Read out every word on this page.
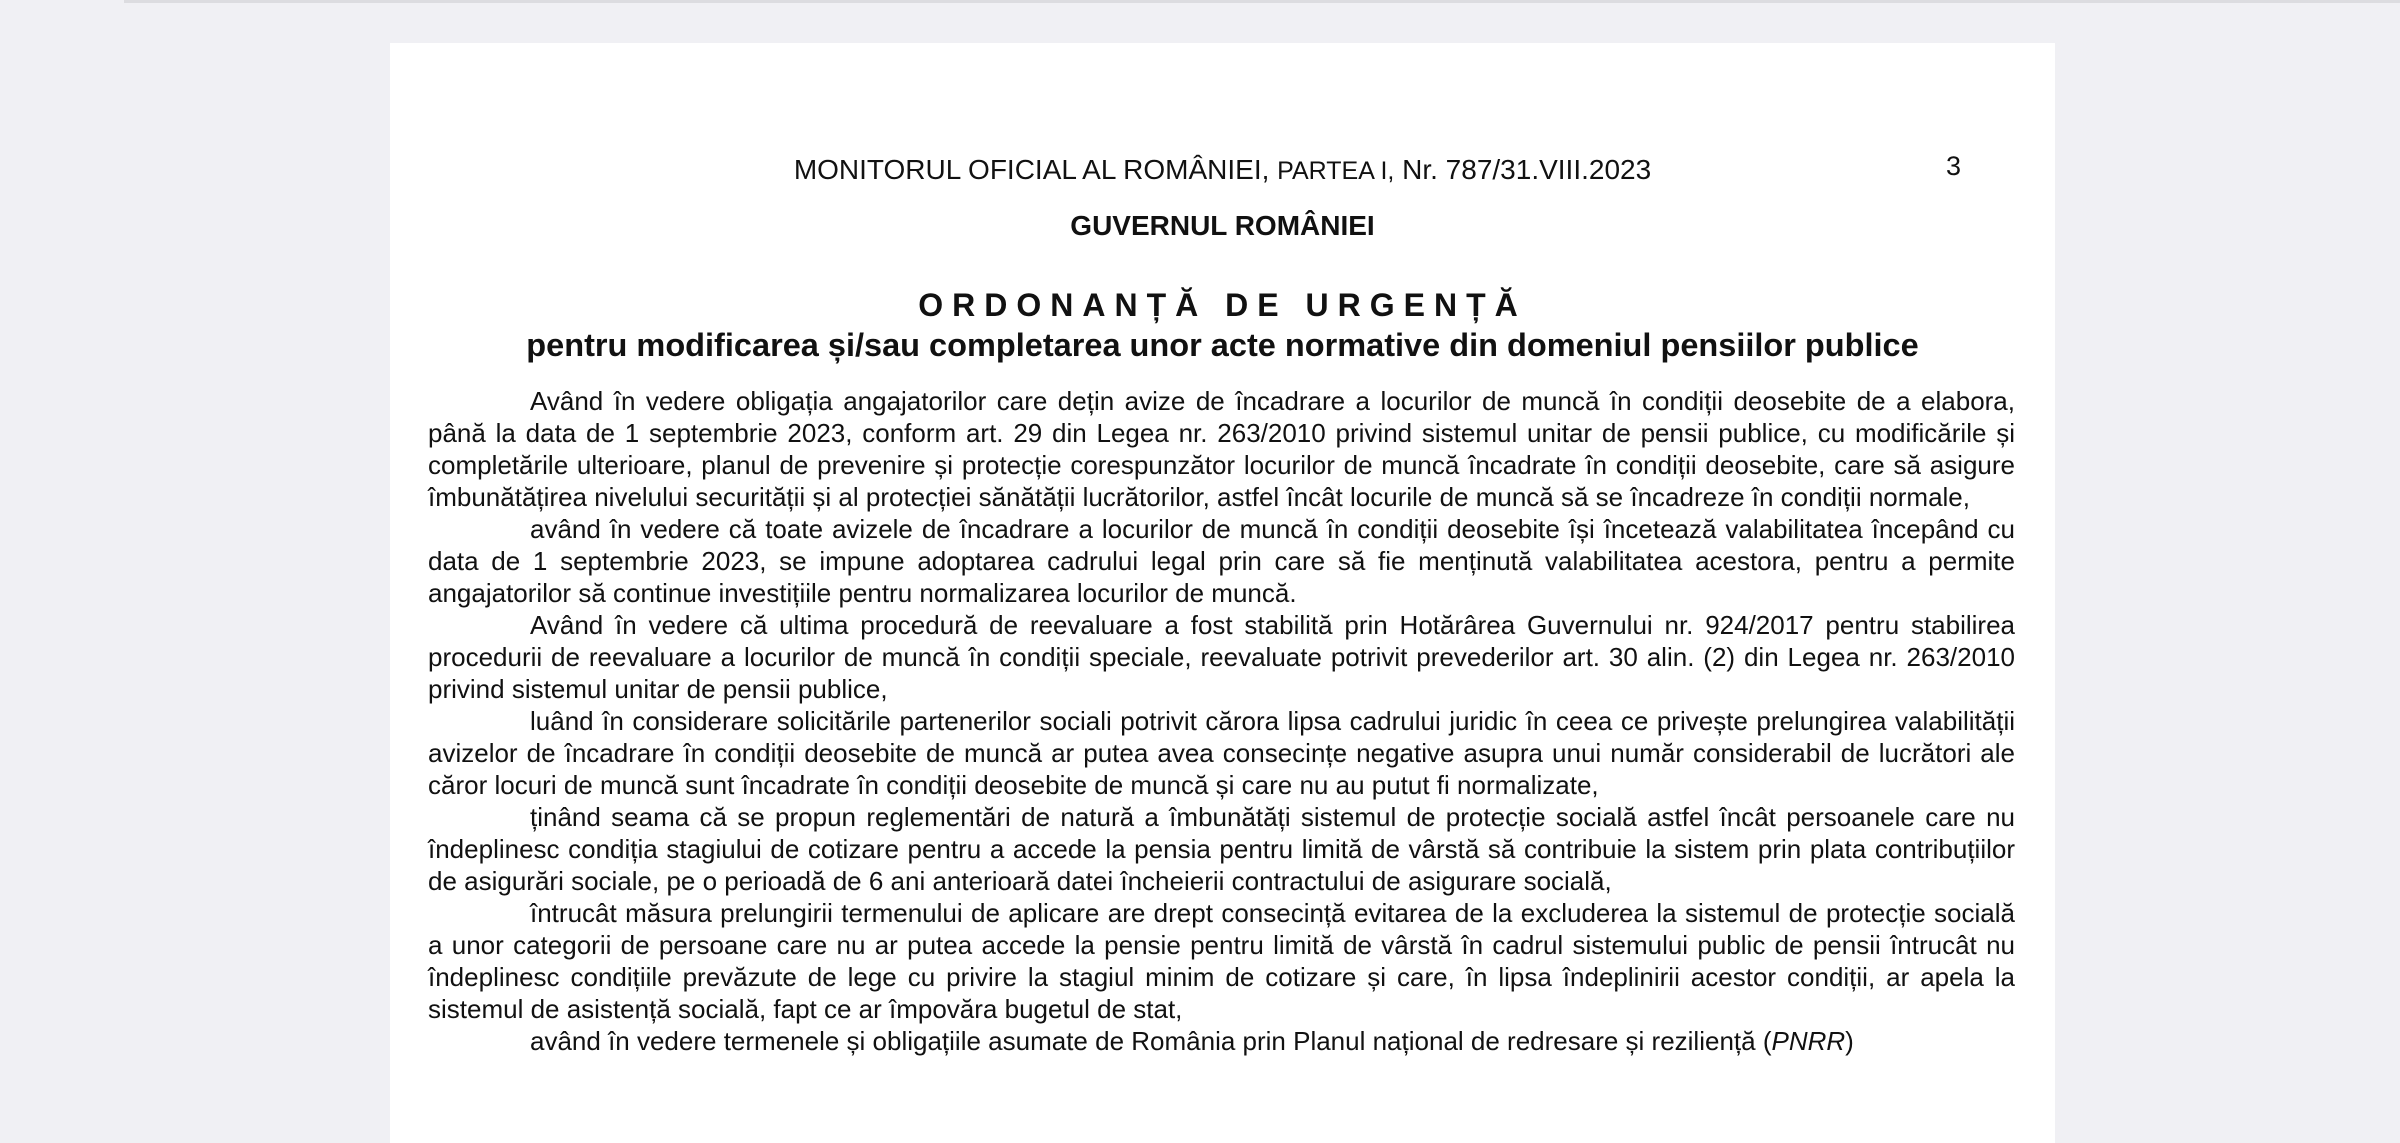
MONITORUL OFICIAL AL ROMÂNIEI, PARTEA I, Nr. 787/31.VIII.2023	3
GUVERNUL ROMÂNIEI
ORDONANȚĂ DE URGENȚĂ
pentru modificarea și/sau completarea unor acte normative din domeniul pensiilor publice

Având în vedere obligația angajatorilor care dețin avize de încadrare a locurilor de muncă în condiții deosebite de a elabora, până la data de 1 septembrie 2023, conform art. 29 din Legea nr. 263/2010 privind sistemul unitar de pensii publice, cu modificările și completările ulterioare, planul de prevenire și protecție corespunzător locurilor de muncă încadrate în condiții deosebite, care să asigure îmbunătățirea nivelului securității și al protecției sănătății lucrătorilor, astfel încât locurile de muncă să se încadreze în condiții normale,

având în vedere că toate avizele de încadrare a locurilor de muncă în condiții deosebite își încetează valabilitatea începând cu data de 1 septembrie 2023, se impune adoptarea cadrului legal prin care să fie menținută valabilitatea acestora, pentru a permite angajatorilor să continue investițiile pentru normalizarea locurilor de muncă.

Având în vedere că ultima procedură de reevaluare a fost stabilită prin Hotărârea Guvernului nr. 924/2017 pentru stabilirea procedurii de reevaluare a locurilor de muncă în condiții speciale, reevaluate potrivit prevederilor art. 30 alin. (2) din Legea nr. 263/2010 privind sistemul unitar de pensii publice,

luând în considerare solicitările partenerilor sociali potrivit cărora lipsa cadrului juridic în ceea ce privește prelungirea valabilității avizelor de încadrare în condiții deosebite de muncă ar putea avea consecințe negative asupra unui număr considerabil de lucrători ale căror locuri de muncă sunt încadrate în condiții deosebite de muncă și care nu au putut fi normalizate,

ținând seama că se propun reglementări de natură a îmbunătăți sistemul de protecție socială astfel încât persoanele care nu îndeplinesc condiția stagiului de cotizare pentru a accede la pensia pentru limită de vârstă să contribuie la sistem prin plata contribuțiilor de asigurări sociale, pe o perioadă de 6 ani anterioară datei încheierii contractului de asigurare socială,

întrucât măsura prelungirii termenului de aplicare are drept consecință evitarea de la excluderea la sistemul de protecție socială a unor categorii de persoane care nu ar putea accede la pensie pentru limită de vârstă în cadrul sistemului public de pensii întrucât nu îndeplinesc condițiile prevăzute de lege cu privire la stagiul minim de cotizare și care, în lipsa îndeplinirii acestor condiții, ar apela la sistemul de asistență socială, fapt ce ar împovăra bugetul de stat,

având în vedere termenele și obligațiile asumate de România prin Planul național de redresare și reziliență (PNRR)
